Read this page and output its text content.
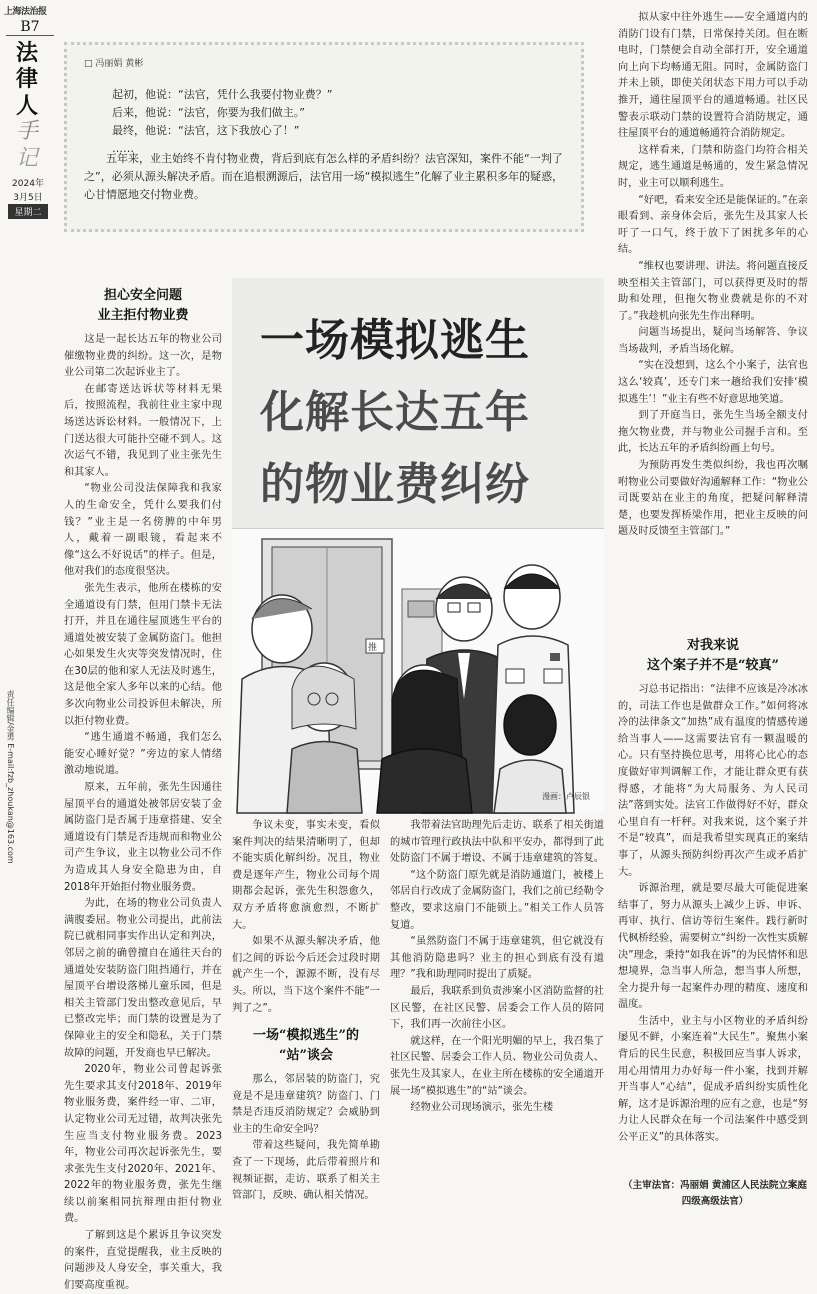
上海法治报
B7
法
律
人
手
记
2024年
3月5日
星期二
责任编辑/金勇 E-mail:fzb_zhoukan@163.com
□ 冯丽娟 黄彬
起初，他说：“法官，凭什么我要付物业费？”
后来，他说：“法官，你要为我们做主。”
最终，他说：“法官，这下我放心了！”
……
五年来，业主始终不肯付物业费，背后到底有怎么样的矛盾纠纷？法官深知，案件不能“一判了之”，必须从源头解决矛盾。而在追根溯源后，法官用一场“模拟逃生”化解了业主累积多年的疑惑，心甘情愿地交付物业费。
担心安全问题
业主拒付物业费

这是一起长达五年的物业公司催缴物业费的纠纷。这一次，是物业公司第二次起诉业主了。

在邮寄送达诉状等材料无果后，按照流程，我前往业主家中现场送达诉讼材料。一般情况下，上门送达很大可能扑空碰不到人。这次运气不错，我见到了业主张先生和其家人。

“物业公司没法保障我和我家人的生命安全，凭什么要我们付钱？”业主是一名傍脾的中年男人，戴着一副眼镜，看起来不像“这么不好说话”的样子。但是，他对我们的态度很坚决。

张先生表示，他所在楼栋的安全通道设有门禁，但用门禁卡无法打开，并且在通往屋顶逃生平台的通道处被安装了金属防盗门。他担心如果发生火灾等突发情况时，住在30层的他和家人无法及时逃生，这是他全家人多年以来的心结。他多次向物业公司投诉但未解决，所以拒付物业费。

“逃生通道不畅通，我们怎么能安心睡好觉？”旁边的家人情绪激动地说道。

原来，五年前，张先生因通往屋顶平台的通道处被邻居安装了金属防盗门是否属于违章搭建、安全通道设有门禁是否违规而和物业公司产生争议，业主以物业公司不作为造成其人身安全隐患为由，自2018年开始拒付物业服务费。

为此，在场的物业公司负责人满腹委屈。物业公司提出，此前法院已就相同事实作出认定和判决，邻居之前的确曾擅自在通往天台的通道处安装防盗门阻挡通行，并在屋顶平台增设落梯儿童乐园，但是相关主管部门发出整改意见后，早已整改完毕；而门禁的设置是为了保障业主的安全和隐私，关于门禁故障的问题，开发商也早已解决。

2020年，物业公司曾起诉张先生要求其支付2018年、2019年物业服务费，案件经一审、二审，认定物业公司无过错，故判决张先生应当支付物业服务费。2023年，物业公司再次起诉张先生，要求张先生支付2020年、2021年、2022年的物业服务费，张先生继续以前案相同抗辩理由拒付物业费。

了解到这是个累诉且争议突发的案件，直觉提醒我，业主反映的问题涉及人身安全，事关重大，我们要高度重视。

一场模拟逃生
化解长达五年
的物业费纠纷
推
漫画：卢辰银

争议未变，事实未变，看似案件判决的结果清晰明了，但却不能实质化解纠纷。况且，物业费是逐年产生，物业公司每个周期都会起诉，张先生积怨愈久，双方矛盾将愈演愈烈，不断扩大。

如果不从源头解决矛盾，他们之间的诉讼今后还会过段时期就产生一个，源源不断，没有尽头。所以，当下这个案件不能“一判了之”。

一场“模拟逃生”的
“站”谈会

那么，邻居装的防盗门，究竟是不是违章建筑？防盗门、门禁是否违反消防规定？会威胁到业主的生命安全吗？

带着这些疑问，我先简单勘查了一下现场，此后带着照片和视频证据，走访、联系了相关主管部门，反映、确认相关情况。

我带着法官助理先后走访、联系了相关街道的城市管理行政执法中队和平安办，都得到了此处防盗门不属于增设、不属于违章建筑的答复。

“这个防盗门原先就是消防通道门，被楼上邻居自行改成了金属防盗门，我们之前已经勒令整改，要求这扇门不能锁上。”相关工作人员答复道。

“虽然防盗门不属于违章建筑，但它就没有其他消防隐患吗？业主的担心到底有没有道理？”我和助理同时提出了质疑。

最后，我联系到负责涉案小区消防监督的社区民警，在社区民警、居委会工作人员的陪同下，我们再一次前往小区。

就这样，在一个阳光明媚的早上，我召集了社区民警、居委会工作人员、物业公司负责人、张先生及其家人，在业主所在楼栋的安全通道开展一场“模拟逃生”的“站”谈会。

经物业公司现场演示，张先生楼

拟从家中往外逃生——安全通道内的消防门设有门禁，日常保持关闭。但在断电时，门禁便会自动全部打开，安全通道向上向下均畅通无阻。同时，金属防盗门并未上锁，即使关闭状态下用力可以手动推开，通往屋顶平台的通道畅通。社区民警表示联动门禁的设置符合消防规定，通往屋顶平台的通道畅通符合消防规定。

这样看来，门禁和防盗门均符合相关规定，逃生通道是畅通的，发生紧急情况时，业主可以顺利逃生。

“好吧，看来安全还是能保证的。”在亲眼看到、亲身体会后，张先生及其家人长吁了一口气，终于放下了困扰多年的心结。

“维权也要讲理、讲法。将问题直接反映至相关主管部门，可以获得更及时的帮助和处理，但拖欠物业费就是你的不对了。”我趁机向张先生作出释明。

问题当场提出，疑问当场解答、争议当场裁判，矛盾当场化解。

“实在没想到，这么个小案子，法官也这么‘较真’，还专门来一趟给我们安排‘模拟逃生’！”业主有些不好意思地笑道。

到了开庭当日，张先生当场全额支付拖欠物业费，并与物业公司握手言和。至此，长达五年的矛盾纠纷画上句号。

为预防再发生类似纠纷，我也再次嘱咐物业公司要做好沟通解释工作：“物业公司既要站在业主的角度，把疑问解释清楚，也要发挥桥梁作用，把业主反映的问题及时反馈至主管部门。”

对我来说
这个案子并不是“较真”

习总书记指出：“法律不应该是冷冰冰的，司法工作也是做群众工作。”如何将冰冷的法律条文“加热”成有温度的情感传递给当事人——这需要法官有一颗温暖的心。只有坚持换位思考，用将心比心的态度做好审判调解工作，才能让群众更有获得感，才能将“为大局服务、为人民司法”落到实处。法官工作做得好不好，群众心里自有一杆秤。对我来说，这个案子并不是“较真”，而是我希望实现真正的案结事了，从源头预防纠纷再次产生或矛盾扩大。

诉源治理，就是要尽最大可能促进案结事了，努力从源头上减少上诉、申诉、再审、执行、信访等衍生案件。践行新时代枫桥经验，需要树立“纠纷一次性实质解决”理念，秉持“如我在诉”的为民情怀和思想境界，急当事人所急，想当事人所想，全力提升每一起案件办理的精度、速度和温度。

生活中，业主与小区物业的矛盾纠纷屡见不鲜，小案连着“大民生”。聚焦小案背后的民生民意，积极回应当事人诉求，用心用情用力办好每一件小案，找到并解开当事人“心结”，促成矛盾纠纷实质性化解，这才是诉源治理的应有之意，也是“努力让人民群众在每一个司法案件中感受到公平正义”的具体落实。

（主审法官：冯丽娟 黄浦区人民法院立案庭四级高级法官）
